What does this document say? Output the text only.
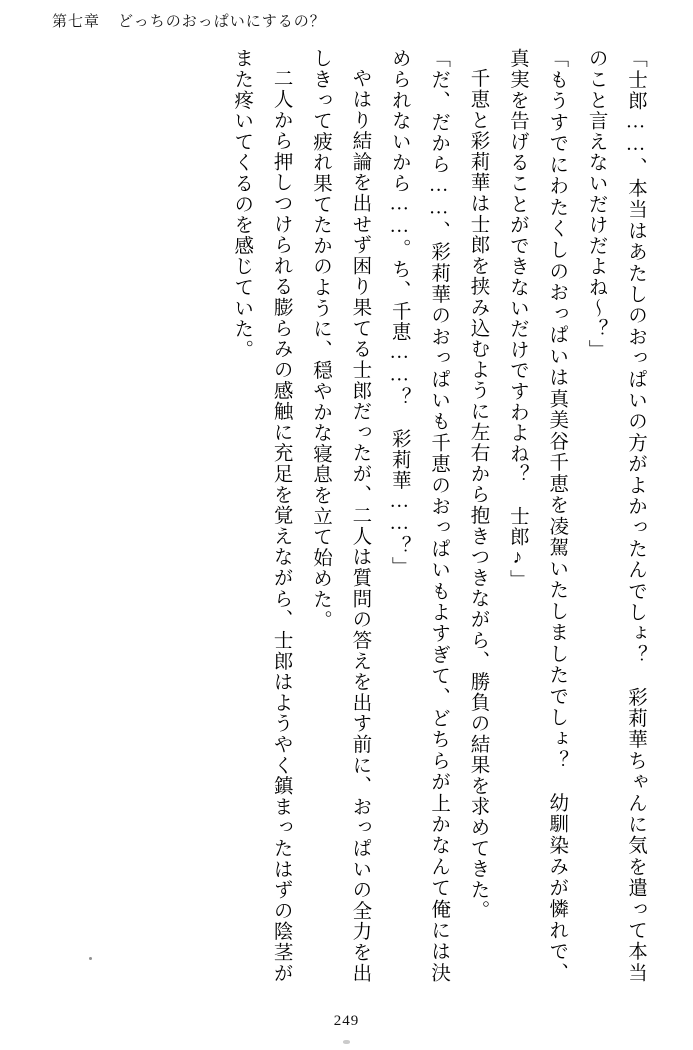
第七章 どっちのおっぱいにするの？

「士郎……、本当はあたしのおっぱいの方がよかったんでしょ？　彩莉華ちゃんに気を遣って本当のこと言えないだけだよね～？」

「もうすでにわたくしのおっぱいは真美谷千恵を凌駕いたしましたでしょ？　幼馴染みが憐れで、真実を告げることができないだけですわよね？　士郎♪」

千恵と彩莉華は士郎を挟み込むように左右から抱きつきながら、勝負の結果を求めてきた。

「だ、だから……、彩莉華のおっぱいも千恵のおっぱいもよすぎて、どちらが上かなんて俺には決められないから……。ち、千恵……？　彩莉華……？」

やはり結論を出せず困り果てる士郎だったが、二人は質問の答えを出す前に、おっぱいの全力を出しきって疲れ果てたかのように、穏やかな寝息を立て始めた。

二人から押しつけられる膨らみの感触に充足を覚えながら、士郎はようやく鎮まったはずの陰茎がまた疼いてくるのを感じていた。

249
